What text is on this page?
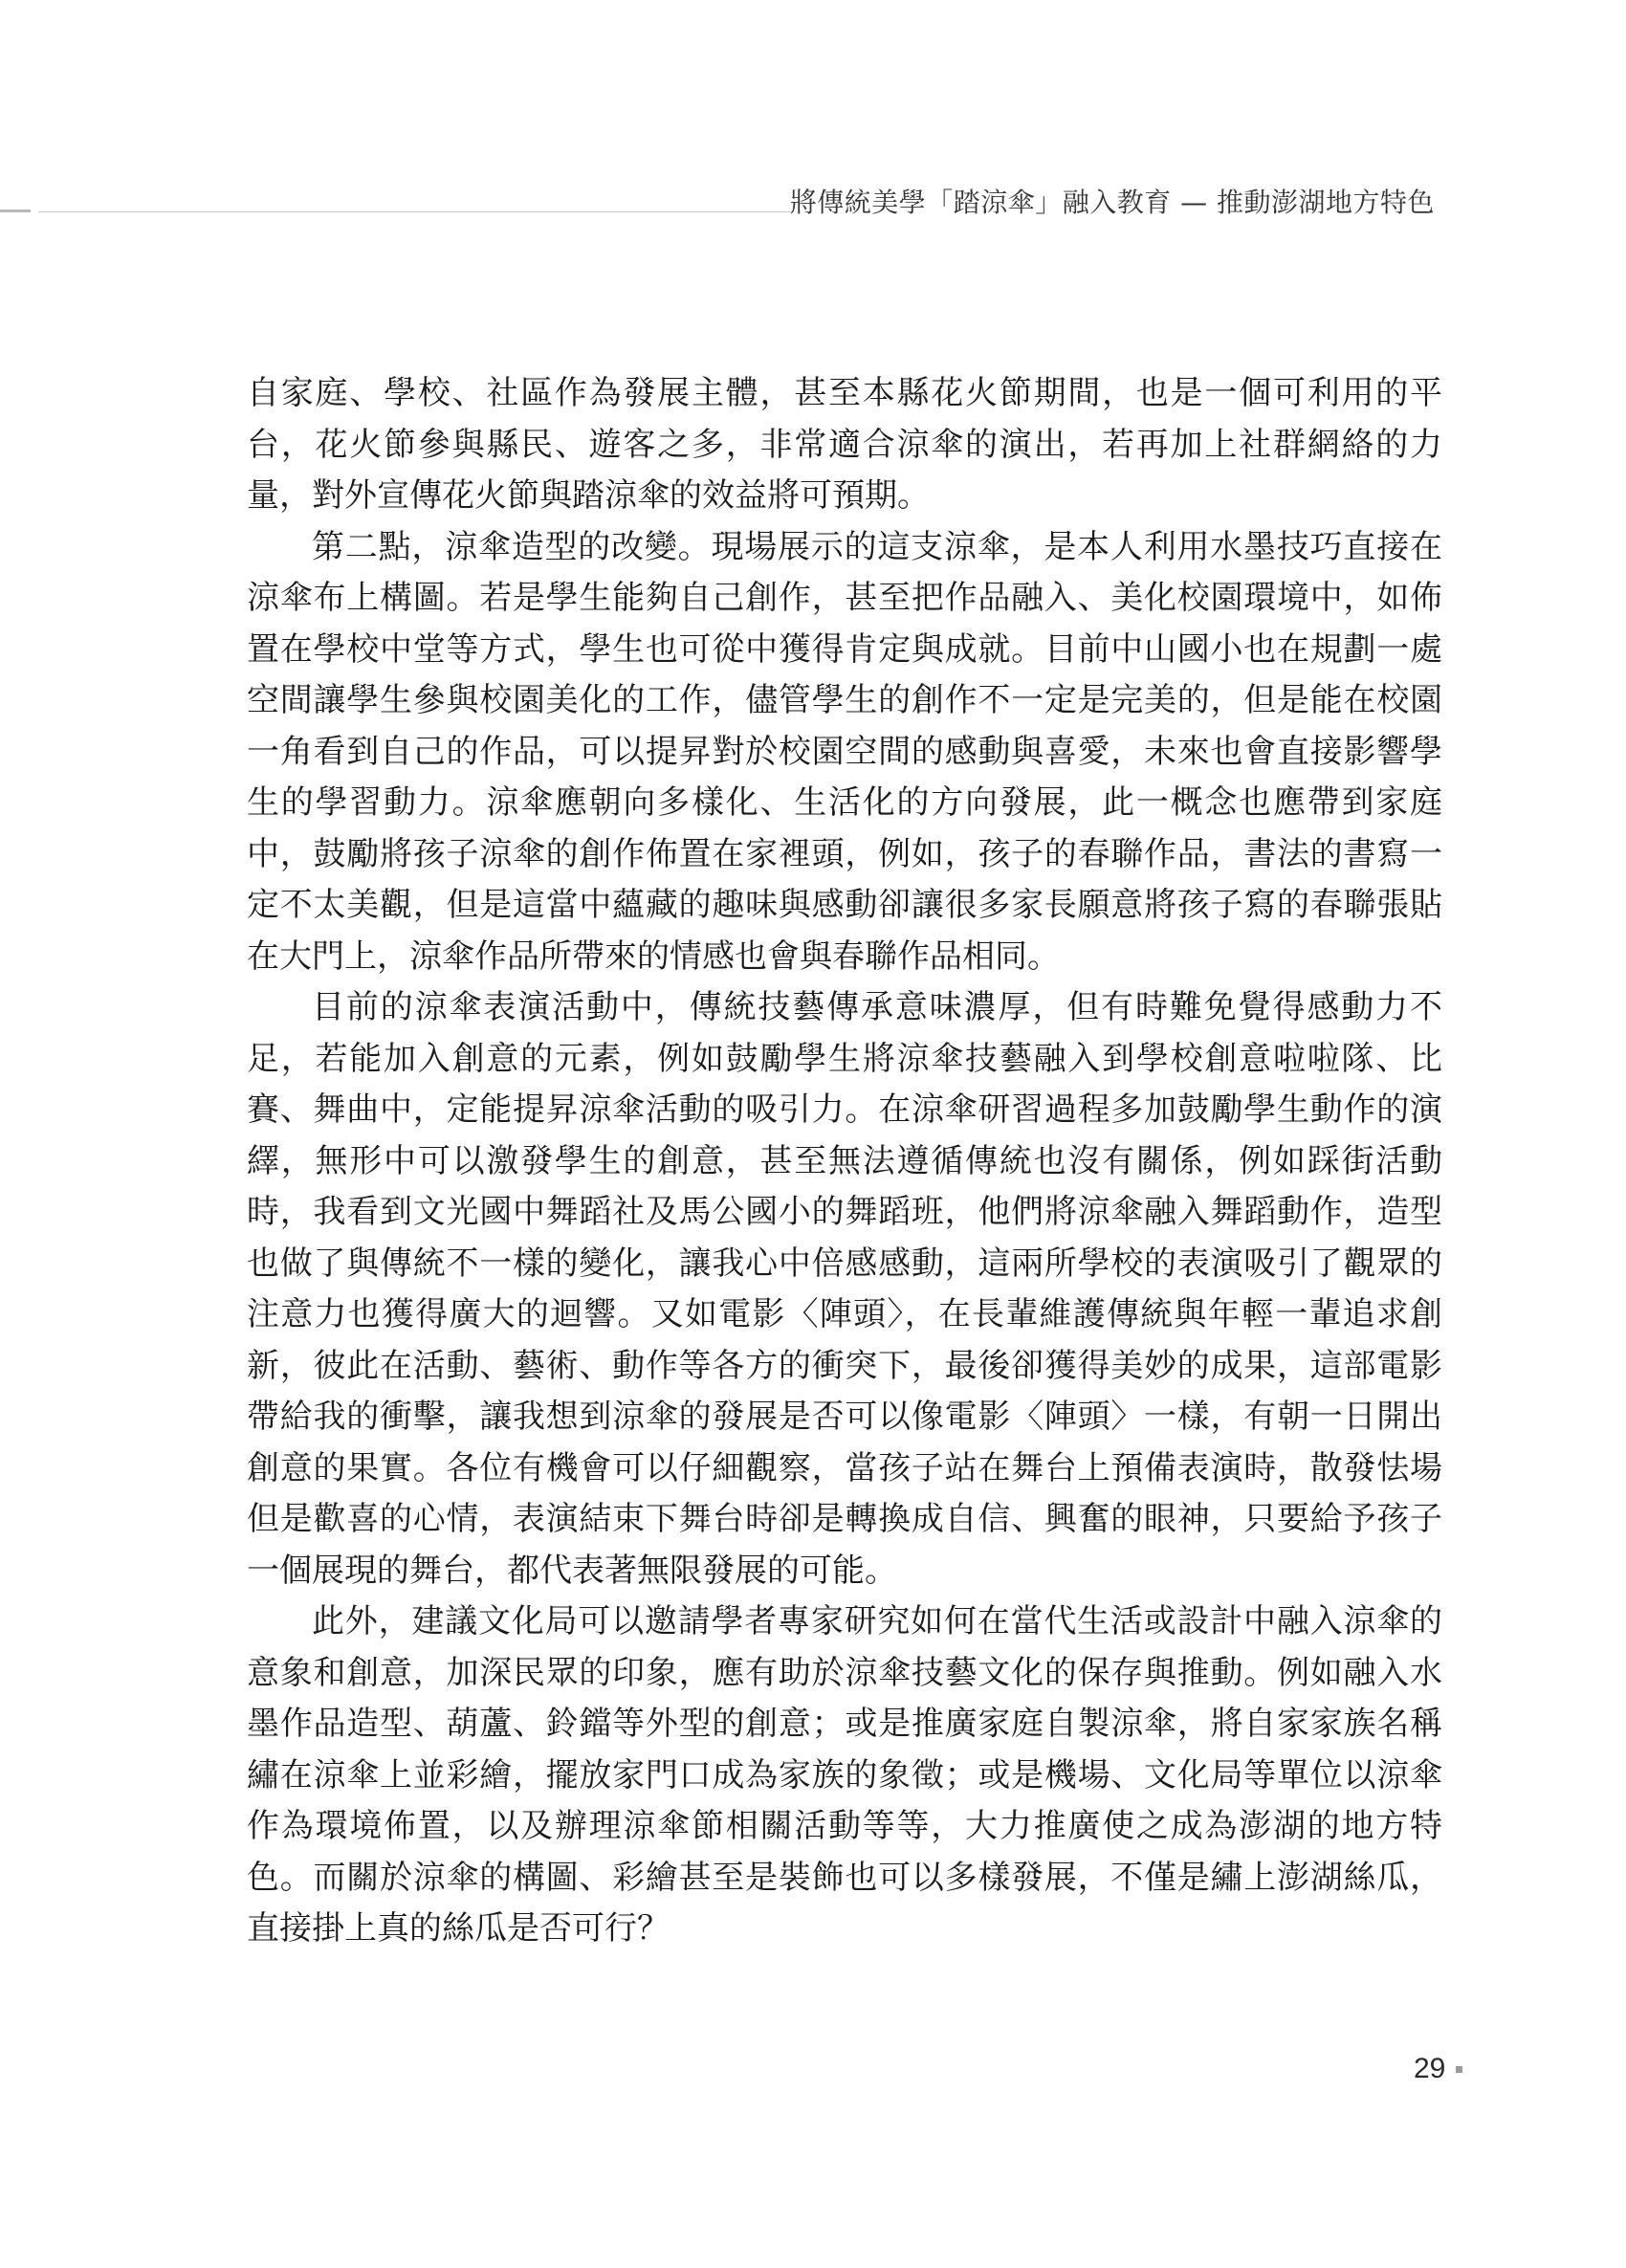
將傳統美學「踏涼傘」融入教育 — 推動澎湖地方特色

自家庭、學校、社區作為發展主體，甚至本縣花火節期間，也是一個可利用的平台，花火節參與縣民、遊客之多，非常適合涼傘的演出，若再加上社群網絡的力量，對外宣傳花火節與踏涼傘的效益將可預期。

第二點，涼傘造型的改變。現場展示的這支涼傘，是本人利用水墨技巧直接在涼傘布上構圖。若是學生能夠自己創作，甚至把作品融入、美化校園環境中，如佈置在學校中堂等方式，學生也可從中獲得肯定與成就。目前中山國小也在規劃一處空間讓學生參與校園美化的工作，儘管學生的創作不一定是完美的，但是能在校園一角看到自己的作品，可以提昇對於校園空間的感動與喜愛，未來也會直接影響學生的學習動力。涼傘應朝向多樣化、生活化的方向發展，此一概念也應帶到家庭中，鼓勵將孩子涼傘的創作佈置在家裡頭，例如，孩子的春聯作品，書法的書寫一定不太美觀，但是這當中蘊藏的趣味與感動卻讓很多家長願意將孩子寫的春聯張貼在大門上，涼傘作品所帶來的情感也會與春聯作品相同。

目前的涼傘表演活動中，傳統技藝傳承意味濃厚，但有時難免覺得感動力不足，若能加入創意的元素，例如鼓勵學生將涼傘技藝融入到學校創意啦啦隊、比賽、舞曲中，定能提昇涼傘活動的吸引力。在涼傘研習過程多加鼓勵學生動作的演繹，無形中可以激發學生的創意，甚至無法遵循傳統也沒有關係，例如踩街活動時，我看到文光國中舞蹈社及馬公國小的舞蹈班，他們將涼傘融入舞蹈動作，造型也做了與傳統不一樣的變化，讓我心中倍感感動，這兩所學校的表演吸引了觀眾的注意力也獲得廣大的迴響。又如電影〈陣頭〉，在長輩維護傳統與年輕一輩追求創新，彼此在活動、藝術、動作等各方的衝突下，最後卻獲得美妙的成果，這部電影帶給我的衝擊，讓我想到涼傘的發展是否可以像電影〈陣頭〉一樣，有朝一日開出創意的果實。各位有機會可以仔細觀察，當孩子站在舞台上預備表演時，散發怯場但是歡喜的心情，表演結束下舞台時卻是轉換成自信、興奮的眼神，只要給予孩子一個展現的舞台，都代表著無限發展的可能。

此外，建議文化局可以邀請學者專家研究如何在當代生活或設計中融入涼傘的意象和創意，加深民眾的印象，應有助於涼傘技藝文化的保存與推動。例如融入水墨作品造型、葫蘆、鈴鐺等外型的創意；或是推廣家庭自製涼傘，將自家家族名稱繡在涼傘上並彩繪，擺放家門口成為家族的象徵；或是機場、文化局等單位以涼傘作為環境佈置，以及辦理涼傘節相關活動等等，大力推廣使之成為澎湖的地方特色。而關於涼傘的構圖、彩繪甚至是裝飾也可以多樣發展，不僅是繡上澎湖絲瓜，直接掛上真的絲瓜是否可行？

29
